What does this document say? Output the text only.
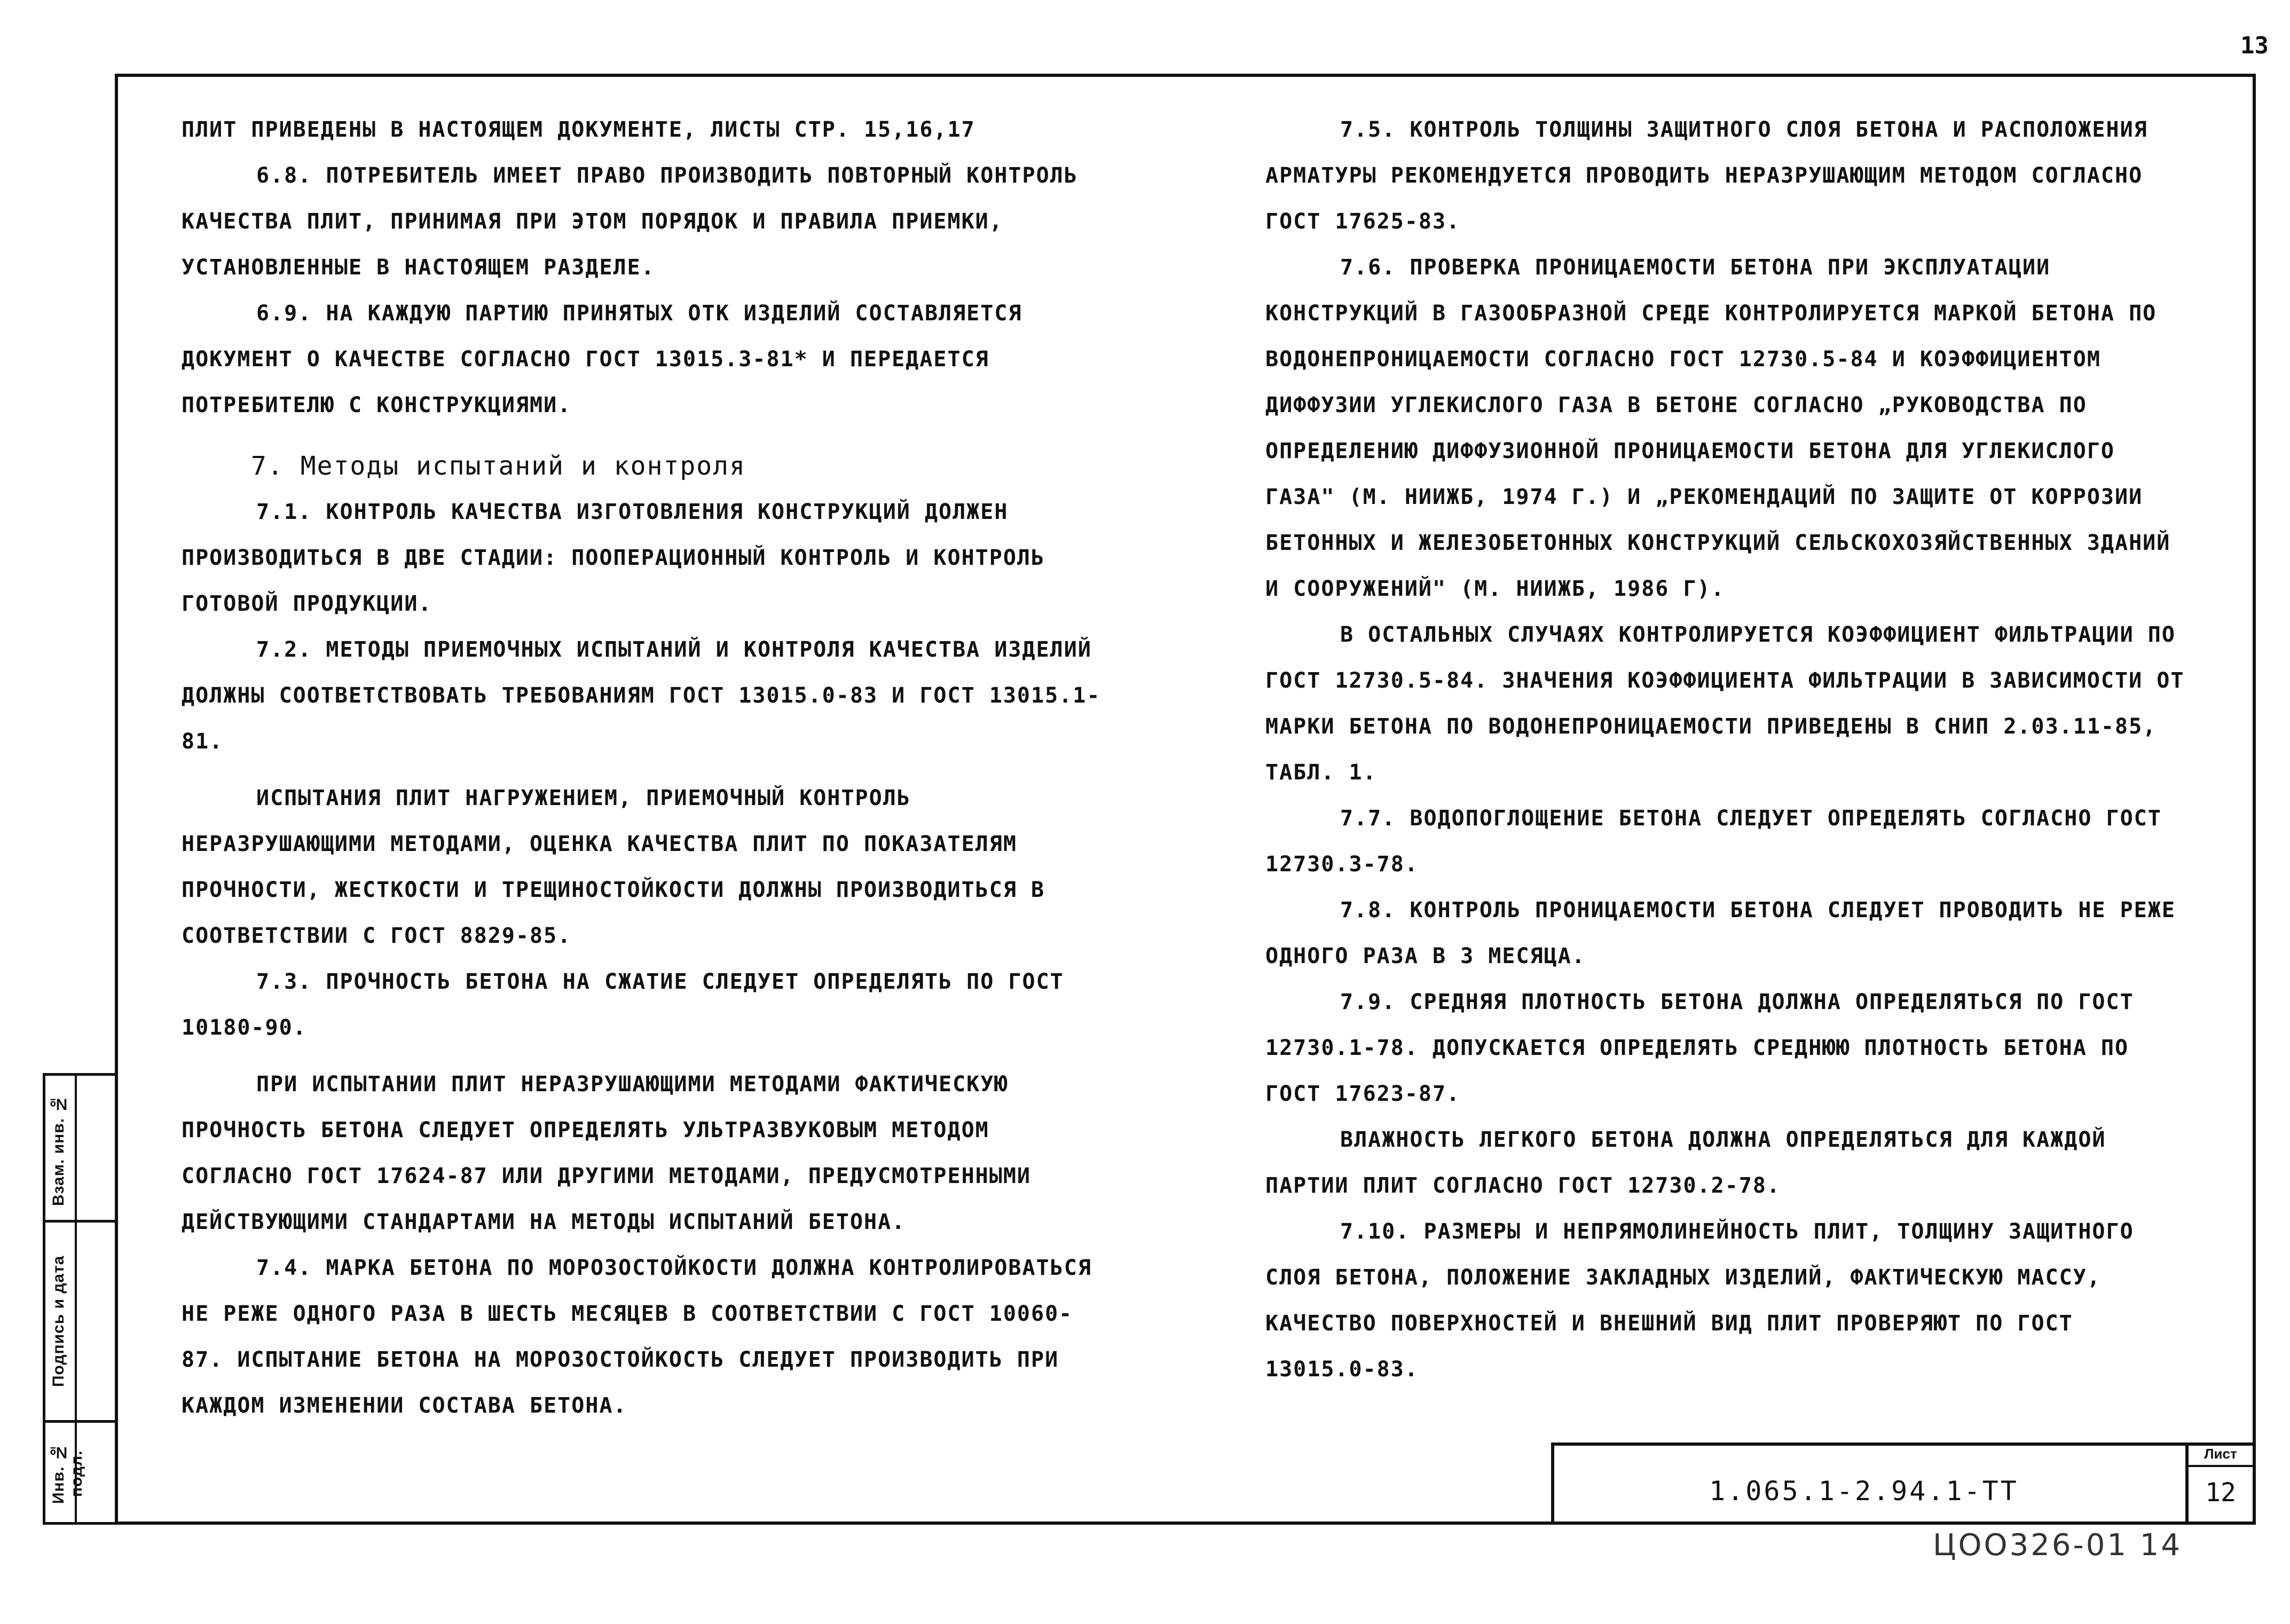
13

ПЛИТ ПРИВЕДЕНЫ В НАСТОЯЩЕМ ДОКУМЕНТЕ, ЛИСТЫ СТР. 15,16,17

6.8. ПОТРЕБИТЕЛЬ ИМЕЕТ ПРАВО ПРОИЗВОДИТЬ ПОВТОРНЫЙ КОНТРОЛЬ КАЧЕСТВА ПЛИТ, ПРИНИМАЯ ПРИ ЭТОМ ПОРЯДОК И ПРАВИЛА ПРИЕМКИ, УСТАНОВЛЕННЫЕ В НАСТОЯЩЕМ РАЗДЕЛЕ.

6.9. НА КАЖДУЮ ПАРТИЮ ПРИНЯТЫХ ОТК ИЗДЕЛИЙ СОСТАВЛЯЕТСЯ ДОКУМЕНТ О КАЧЕСТВЕ СОГЛАСНО ГОСТ 13015.3-81* И ПЕРЕДАЕТСЯ ПОТРЕБИТЕЛЮ С КОНСТРУКЦИЯМИ.

7. Методы испытаний и контроля

7.1. КОНТРОЛЬ КАЧЕСТВА ИЗГОТОВЛЕНИЯ КОНСТРУКЦИЙ ДОЛЖЕН ПРОИЗВОДИТЬСЯ В ДВЕ СТАДИИ: ПООПЕРАЦИОННЫЙ КОНТРОЛЬ И КОНТРОЛЬ ГОТОВОЙ ПРОДУКЦИИ.

7.2. МЕТОДЫ ПРИЕМОЧНЫХ ИСПЫТАНИЙ И КОНТРОЛЯ КАЧЕСТВА ИЗДЕЛИЙ ДОЛЖНЫ СООТВЕТСТВОВАТЬ ТРЕБОВАНИЯМ ГОСТ 13015.0-83 И ГОСТ 13015.1-81.

ИСПЫТАНИЯ ПЛИТ НАГРУЖЕНИЕМ, ПРИЕМОЧНЫЙ КОНТРОЛЬ НЕРАЗРУШАЮЩИМИ МЕТОДАМИ, ОЦЕНКА КАЧЕСТВА ПЛИТ ПО ПОКАЗАТЕЛЯМ ПРОЧНОСТИ, ЖЕСТКОСТИ И ТРЕЩИНОСТОЙКОСТИ ДОЛЖНЫ ПРОИЗВОДИТЬСЯ В СООТВЕТСТВИИ С ГОСТ 8829-85.

7.3. ПРОЧНОСТЬ БЕТОНА НА СЖАТИЕ СЛЕДУЕТ ОПРЕДЕЛЯТЬ ПО ГОСТ 10180-90.

ПРИ ИСПЫТАНИИ ПЛИТ НЕРАЗРУШАЮЩИМИ МЕТОДАМИ ФАКТИЧЕСКУЮ ПРОЧНОСТЬ БЕТОНА СЛЕДУЕТ ОПРЕДЕЛЯТЬ УЛЬТРАЗВУКОВЫМ МЕТОДОМ СОГЛАСНО ГОСТ 17624-87 ИЛИ ДРУГИМИ МЕТОДАМИ, ПРЕДУСМОТРЕННЫМИ ДЕЙСТВУЮЩИМИ СТАНДАРТАМИ НА МЕТОДЫ ИСПЫТАНИЙ БЕТОНА.

7.4. МАРКА БЕТОНА ПО МОРОЗОСТОЙКОСТИ ДОЛЖНА КОНТРОЛИРОВАТЬСЯ НЕ РЕЖЕ ОДНОГО РАЗА В ШЕСТЬ МЕСЯЦЕВ В СООТВЕТСТВИИ С ГОСТ 10060-87. ИСПЫТАНИЕ БЕТОНА НА МОРОЗОСТОЙКОСТЬ СЛЕДУЕТ ПРОИЗВОДИТЬ ПРИ КАЖДОМ ИЗМЕНЕНИИ СОСТАВА БЕТОНА.

7.5. КОНТРОЛЬ ТОЛЩИНЫ ЗАЩИТНОГО СЛОЯ БЕТОНА И РАСПОЛОЖЕНИЯ АРМАТУРЫ РЕКОМЕНДУЕТСЯ ПРОВОДИТЬ НЕРАЗРУШАЮЩИМ МЕТОДОМ СОГЛАСНО ГОСТ 17625-83.

7.6. ПРОВЕРКА ПРОНИЦАЕМОСТИ БЕТОНА ПРИ ЭКСПЛУАТАЦИИ КОНСТРУКЦИЙ В ГАЗООБРАЗНОЙ СРЕДЕ КОНТРОЛИРУЕТСЯ МАРКОЙ БЕТОНА ПО ВОДОНЕПРОНИЦАЕМОСТИ СОГЛАСНО ГОСТ 12730.5-84 И КОЭФФИЦИЕНТОМ ДИФФУЗИИ УГЛЕКИСЛОГО ГАЗА В БЕТОНЕ СОГЛАСНО „РУКОВОДСТВА ПО ОПРЕДЕЛЕНИЮ ДИФФУЗИОННОЙ ПРОНИЦАЕМОСТИ БЕТОНА ДЛЯ УГЛЕКИСЛОГО ГАЗА" (М. НИИЖБ, 1974 Г.) И „РЕКОМЕНДАЦИЙ ПО ЗАЩИТЕ ОТ КОРРОЗИИ БЕТОННЫХ И ЖЕЛЕЗОБЕТОННЫХ КОНСТРУКЦИЙ СЕЛЬСКОХОЗЯЙСТВЕННЫХ ЗДАНИЙ И СООРУЖЕНИЙ" (М. НИИЖБ, 1986 Г).

В ОСТАЛЬНЫХ СЛУЧАЯХ КОНТРОЛИРУЕТСЯ КОЭФФИЦИЕНТ ФИЛЬТРАЦИИ ПО ГОСТ 12730.5-84. ЗНАЧЕНИЯ КОЭФФИЦИЕНТА ФИЛЬТРАЦИИ В ЗАВИСИМОСТИ ОТ МАРКИ БЕТОНА ПО ВОДОНЕПРОНИЦАЕМОСТИ ПРИВЕДЕНЫ В СНИП 2.03.11-85, ТАБЛ. 1.

7.7. ВОДОПОГЛОЩЕНИЕ БЕТОНА СЛЕДУЕТ ОПРЕДЕЛЯТЬ СОГЛАСНО ГОСТ 12730.3-78.

7.8. КОНТРОЛЬ ПРОНИЦАЕМОСТИ БЕТОНА СЛЕДУЕТ ПРОВОДИТЬ НЕ РЕЖЕ ОДНОГО РАЗА В 3 МЕСЯЦА.

7.9. СРЕДНЯЯ ПЛОТНОСТЬ БЕТОНА ДОЛЖНА ОПРЕДЕЛЯТЬСЯ ПО ГОСТ 12730.1-78. ДОПУСКАЕТСЯ ОПРЕДЕЛЯТЬ СРЕДНЮЮ ПЛОТНОСТЬ БЕТОНА ПО ГОСТ 17623-87.

ВЛАЖНОСТЬ ЛЕГКОГО БЕТОНА ДОЛЖНА ОПРЕДЕЛЯТЬСЯ ДЛЯ КАЖДОЙ ПАРТИИ ПЛИТ СОГЛАСНО ГОСТ 12730.2-78.

7.10. РАЗМЕРЫ И НЕПРЯМОЛИНЕЙНОСТЬ ПЛИТ, ТОЛЩИНУ ЗАЩИТНОГО СЛОЯ БЕТОНА, ПОЛОЖЕНИЕ ЗАКЛАДНЫХ ИЗДЕЛИЙ, ФАКТИЧЕСКУЮ МАССУ, КАЧЕСТВО ПОВЕРХНОСТЕЙ И ВНЕШНИЙ ВИД ПЛИТ ПРОВЕРЯЮТ ПО ГОСТ 13015.0-83.

Взам. инв. №
Подпись и дата
Инв. № подл.	1.065.1-2.94.1-ТТ
Лист
12
ЦОО326-01 14
